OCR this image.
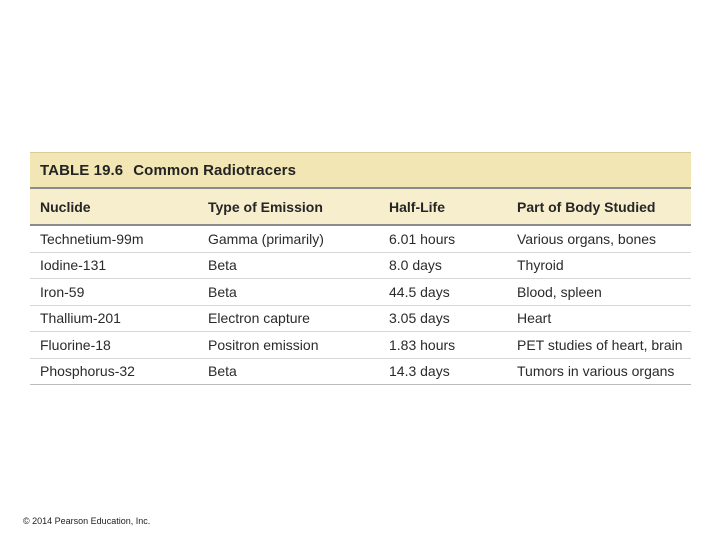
TABLE 19.6 Common Radiotracers
Nuclide	Type of Emission	Half-Life	Part of Body Studied
Technetium-99m	Gamma (primarily)	6.01 hours	Various organs, bones
Iodine-131	Beta	8.0 days	Thyroid
Iron-59	Beta	44.5 days	Blood, spleen
Thallium-201	Electron capture	3.05 days	Heart
Fluorine-18	Positron emission	1.83 hours	PET studies of heart, brain
Phosphorus-32	Beta	14.3 days	Tumors in various organs
© 2014 Pearson Education, Inc.
